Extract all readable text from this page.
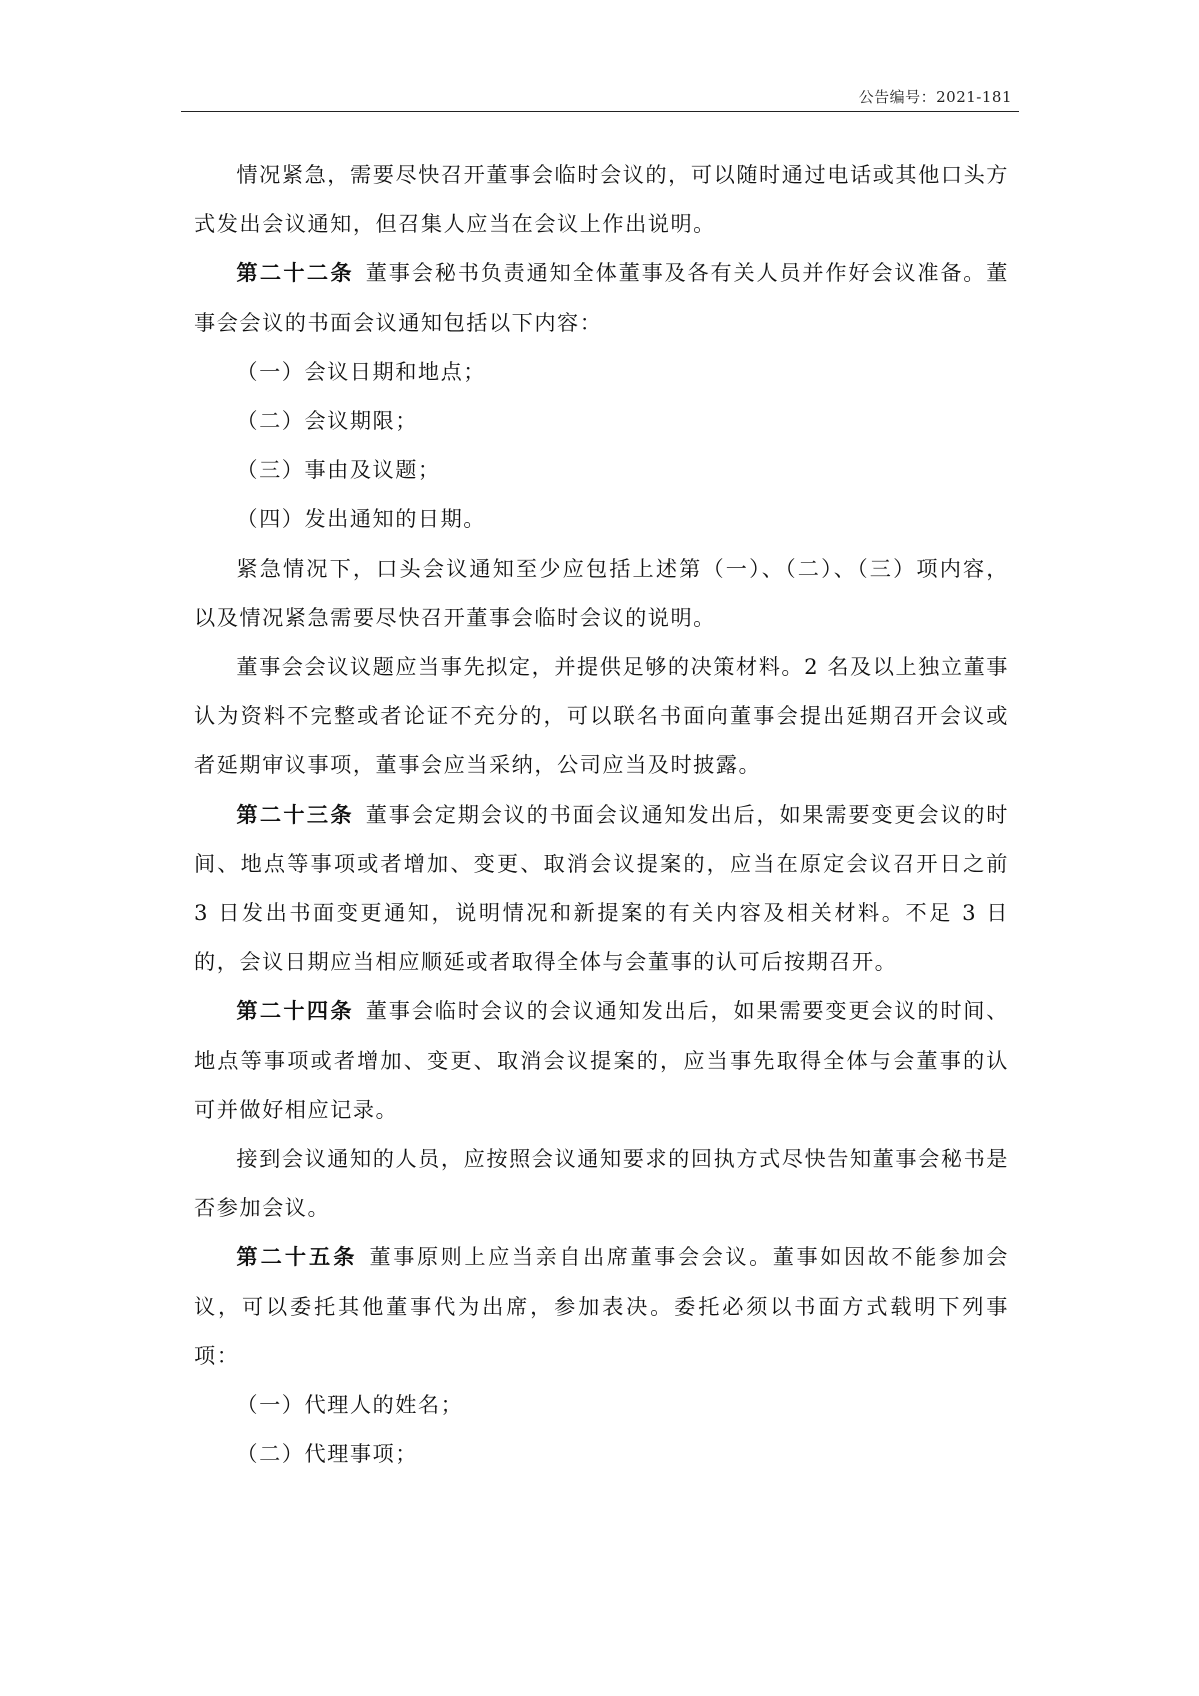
公告编号：2021-181

情况紧急，需要尽快召开董事会临时会议的，可以随时通过电话或其他口头方式发出会议通知，但召集人应当在会议上作出说明。

第二十二条 董事会秘书负责通知全体董事及各有关人员并作好会议准备。董事会会议的书面会议通知包括以下内容：

（一）会议日期和地点；

（二）会议期限；

（三）事由及议题；

（四）发出通知的日期。

紧急情况下，口头会议通知至少应包括上述第（一）、（二）、（三）项内容，以及情况紧急需要尽快召开董事会临时会议的说明。

董事会会议议题应当事先拟定，并提供足够的决策材料。2 名及以上独立董事认为资料不完整或者论证不充分的，可以联名书面向董事会提出延期召开会议或者延期审议事项，董事会应当采纳，公司应当及时披露。

第二十三条 董事会定期会议的书面会议通知发出后，如果需要变更会议的时间、地点等事项或者增加、变更、取消会议提案的，应当在原定会议召开日之前 3 日发出书面变更通知，说明情况和新提案的有关内容及相关材料。不足 3 日的，会议日期应当相应顺延或者取得全体与会董事的认可后按期召开。

第二十四条 董事会临时会议的会议通知发出后，如果需要变更会议的时间、地点等事项或者增加、变更、取消会议提案的，应当事先取得全体与会董事的认可并做好相应记录。

接到会议通知的人员，应按照会议通知要求的回执方式尽快告知董事会秘书是否参加会议。

第二十五条 董事原则上应当亲自出席董事会会议。董事如因故不能参加会议，可以委托其他董事代为出席，参加表决。委托必须以书面方式载明下列事项：

（一）代理人的姓名；

（二）代理事项；
